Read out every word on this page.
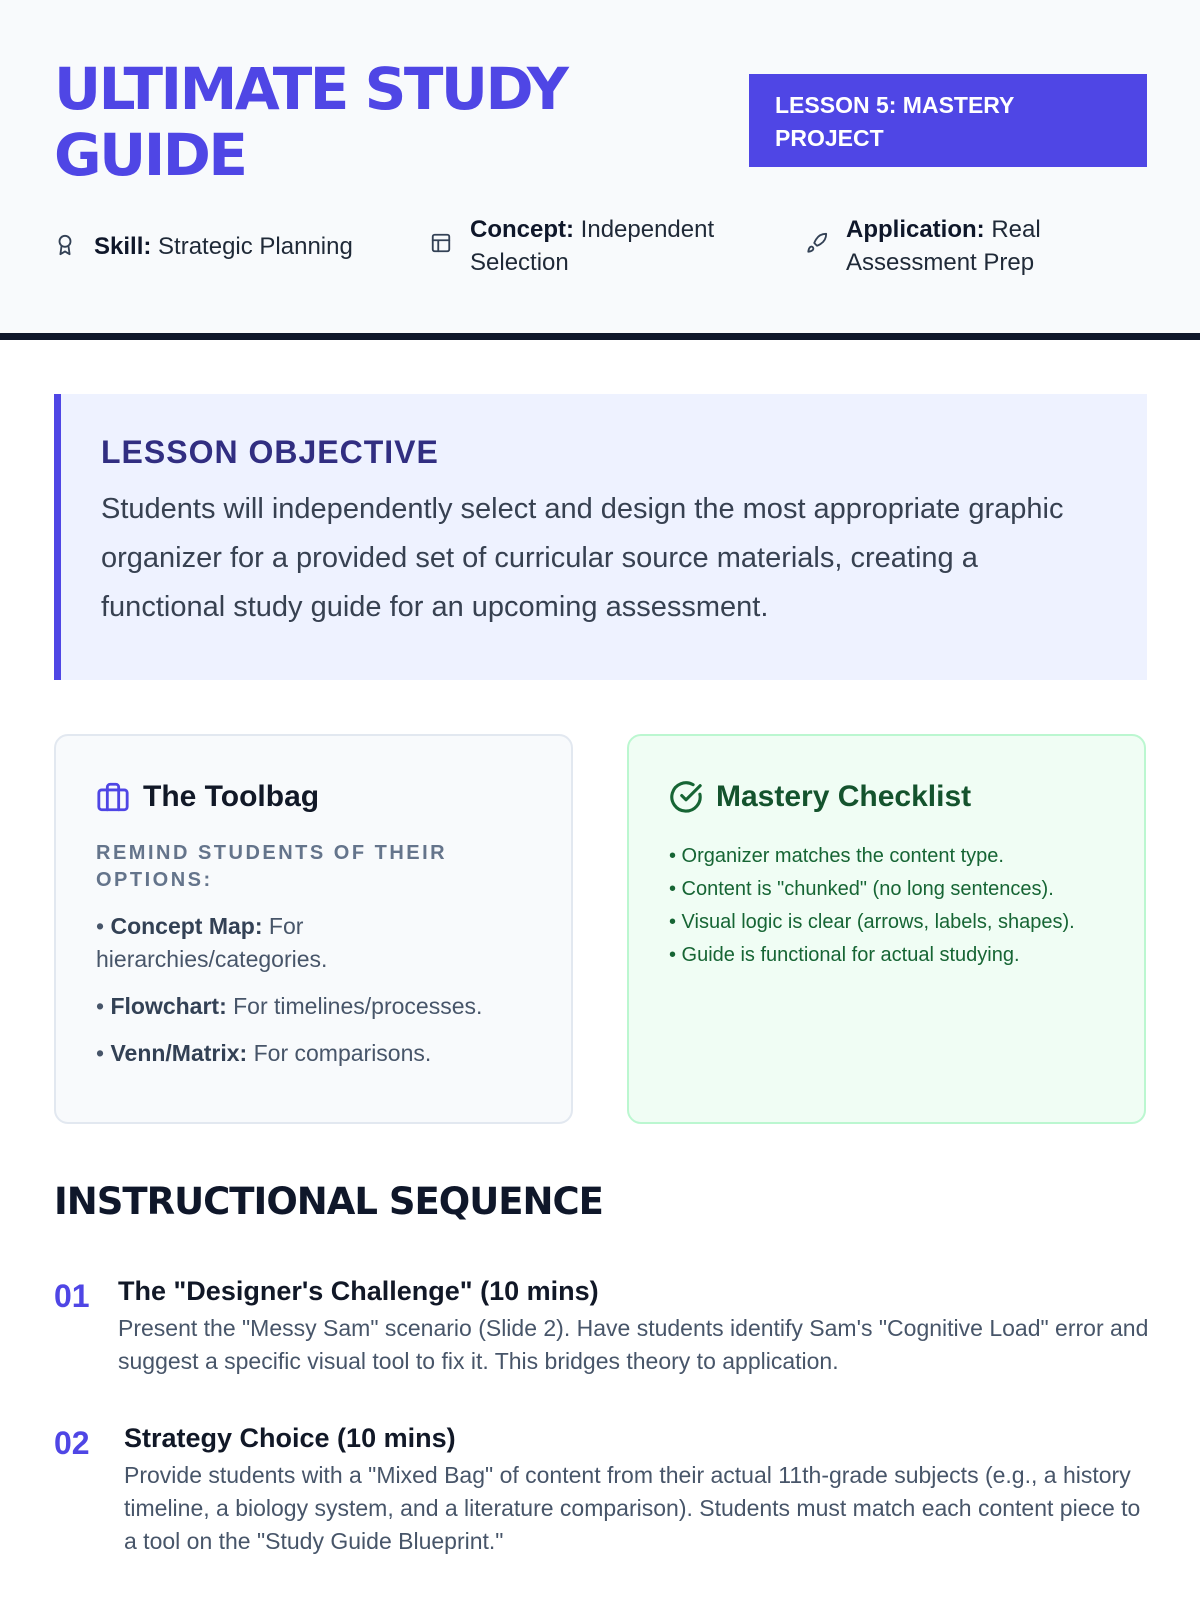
ULTIMATE STUDY GUIDE
LESSON 5: MASTERY PROJECT
Skill: Strategic Planning
Concept: Independent Selection
Application: Real Assessment Prep
LESSON OBJECTIVE

Students will independently select and design the most appropriate graphic organizer for a provided set of curricular source materials, creating a functional study guide for an upcoming assessment.

The Toolbag
REMIND STUDENTS OF THEIR OPTIONS:
• Concept Map: For hierarchies/categories.
• Flowchart: For timelines/processes.
• Venn/Matrix: For comparisons.
Mastery Checklist
• Organizer matches the content type.
• Content is "chunked" (no long sentences).
• Visual logic is clear (arrows, labels, shapes).
• Guide is functional for actual studying.
INSTRUCTIONAL SEQUENCE
01	The "Designer's Challenge" (10 mins)

Present the "Messy Sam" scenario (Slide 2). Have students identify Sam's "Cognitive Load" error and suggest a specific visual tool to fix it. This bridges theory to application.

02	Strategy Choice (10 mins)

Provide students with a "Mixed Bag" of content from their actual 11th-grade subjects (e.g., a history timeline, a biology system, and a literature comparison). Students must match each content piece to a tool on the "Study Guide Blueprint."
